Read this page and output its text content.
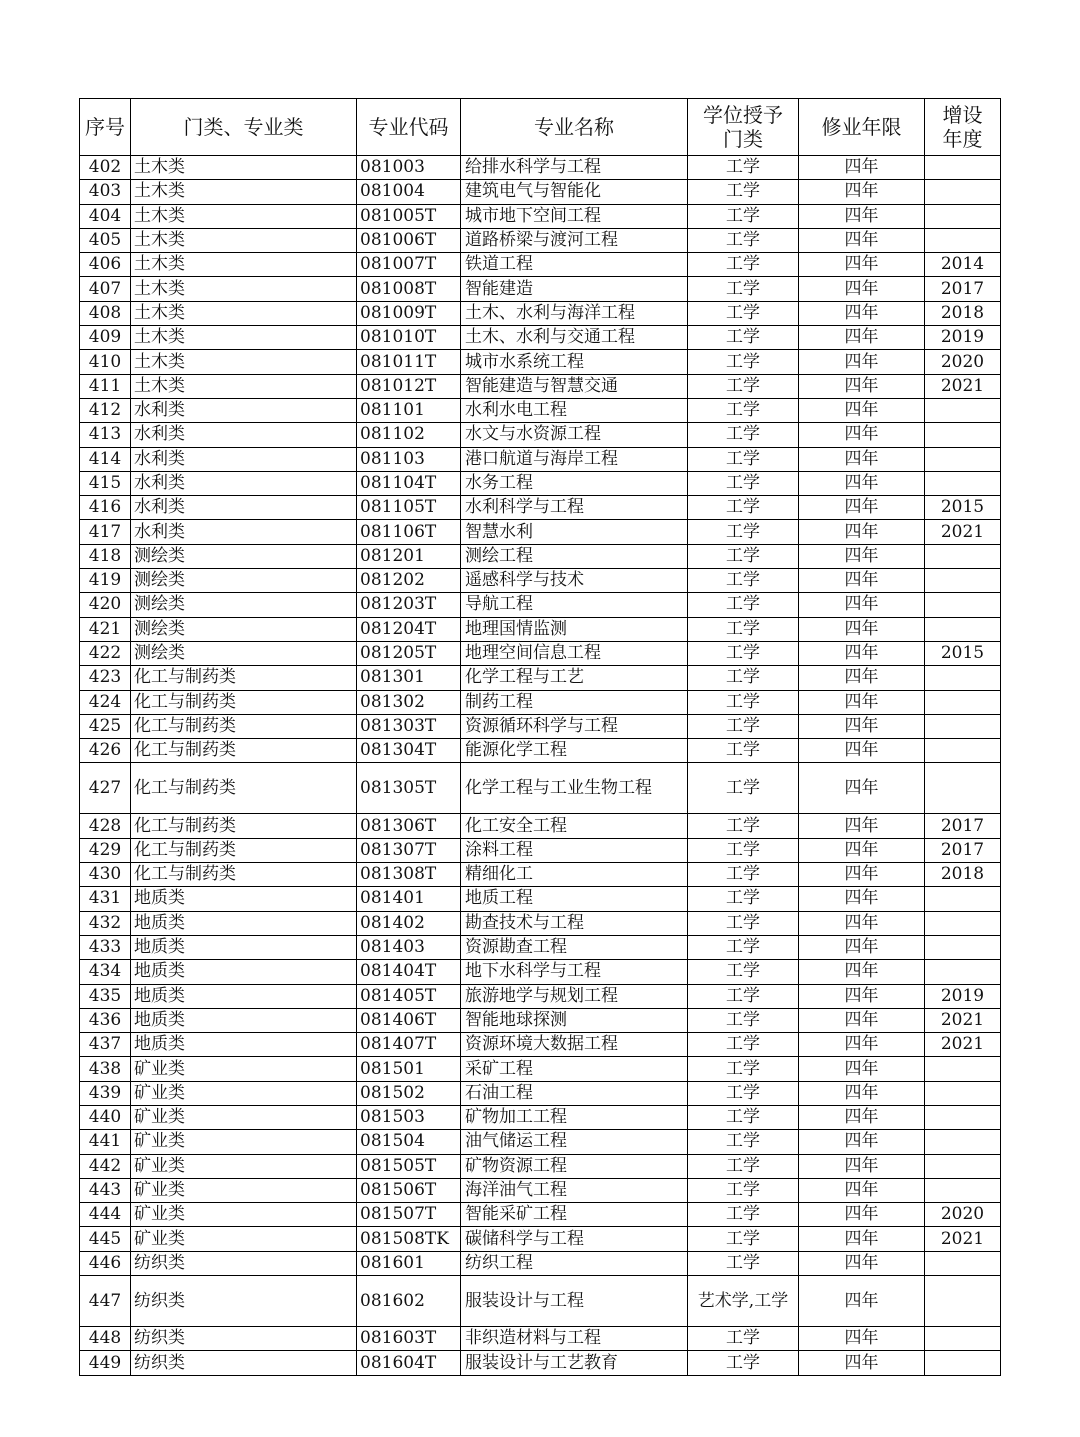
序号	门类、专业类	专业代码	专业名称	学位授予门类	修业年限	增设年度
402	土木类	081003	给排水科学与工程	工学	四年	
403	土木类	081004	建筑电气与智能化	工学	四年	
404	土木类	081005T	城市地下空间工程	工学	四年	
405	土木类	081006T	道路桥梁与渡河工程	工学	四年	
406	土木类	081007T	铁道工程	工学	四年	2014
407	土木类	081008T	智能建造	工学	四年	2017
408	土木类	081009T	土木、水利与海洋工程	工学	四年	2018
409	土木类	081010T	土木、水利与交通工程	工学	四年	2019
410	土木类	081011T	城市水系统工程	工学	四年	2020
411	土木类	081012T	智能建造与智慧交通	工学	四年	2021
412	水利类	081101	水利水电工程	工学	四年	
413	水利类	081102	水文与水资源工程	工学	四年	
414	水利类	081103	港口航道与海岸工程	工学	四年	
415	水利类	081104T	水务工程	工学	四年	
416	水利类	081105T	水利科学与工程	工学	四年	2015
417	水利类	081106T	智慧水利	工学	四年	2021
418	测绘类	081201	测绘工程	工学	四年	
419	测绘类	081202	遥感科学与技术	工学	四年	
420	测绘类	081203T	导航工程	工学	四年	
421	测绘类	081204T	地理国情监测	工学	四年	
422	测绘类	081205T	地理空间信息工程	工学	四年	2015
423	化工与制药类	081301	化学工程与工艺	工学	四年	
424	化工与制药类	081302	制药工程	工学	四年	
425	化工与制药类	081303T	资源循环科学与工程	工学	四年	
426	化工与制药类	081304T	能源化学工程	工学	四年	
427	化工与制药类	081305T	化学工程与工业生物工程	工学	四年	
428	化工与制药类	081306T	化工安全工程	工学	四年	2017
429	化工与制药类	081307T	涂料工程	工学	四年	2017
430	化工与制药类	081308T	精细化工	工学	四年	2018
431	地质类	081401	地质工程	工学	四年	
432	地质类	081402	勘查技术与工程	工学	四年	
433	地质类	081403	资源勘查工程	工学	四年	
434	地质类	081404T	地下水科学与工程	工学	四年	
435	地质类	081405T	旅游地学与规划工程	工学	四年	2019
436	地质类	081406T	智能地球探测	工学	四年	2021
437	地质类	081407T	资源环境大数据工程	工学	四年	2021
438	矿业类	081501	采矿工程	工学	四年	
439	矿业类	081502	石油工程	工学	四年	
440	矿业类	081503	矿物加工工程	工学	四年	
441	矿业类	081504	油气储运工程	工学	四年	
442	矿业类	081505T	矿物资源工程	工学	四年	
443	矿业类	081506T	海洋油气工程	工学	四年	
444	矿业类	081507T	智能采矿工程	工学	四年	2020
445	矿业类	081508TK	碳储科学与工程	工学	四年	2021
446	纺织类	081601	纺织工程	工学	四年	
447	纺织类	081602	服装设计与工程	艺术学,工学	四年	
448	纺织类	081603T	非织造材料与工程	工学	四年	
449	纺织类	081604T	服装设计与工艺教育	工学	四年	
